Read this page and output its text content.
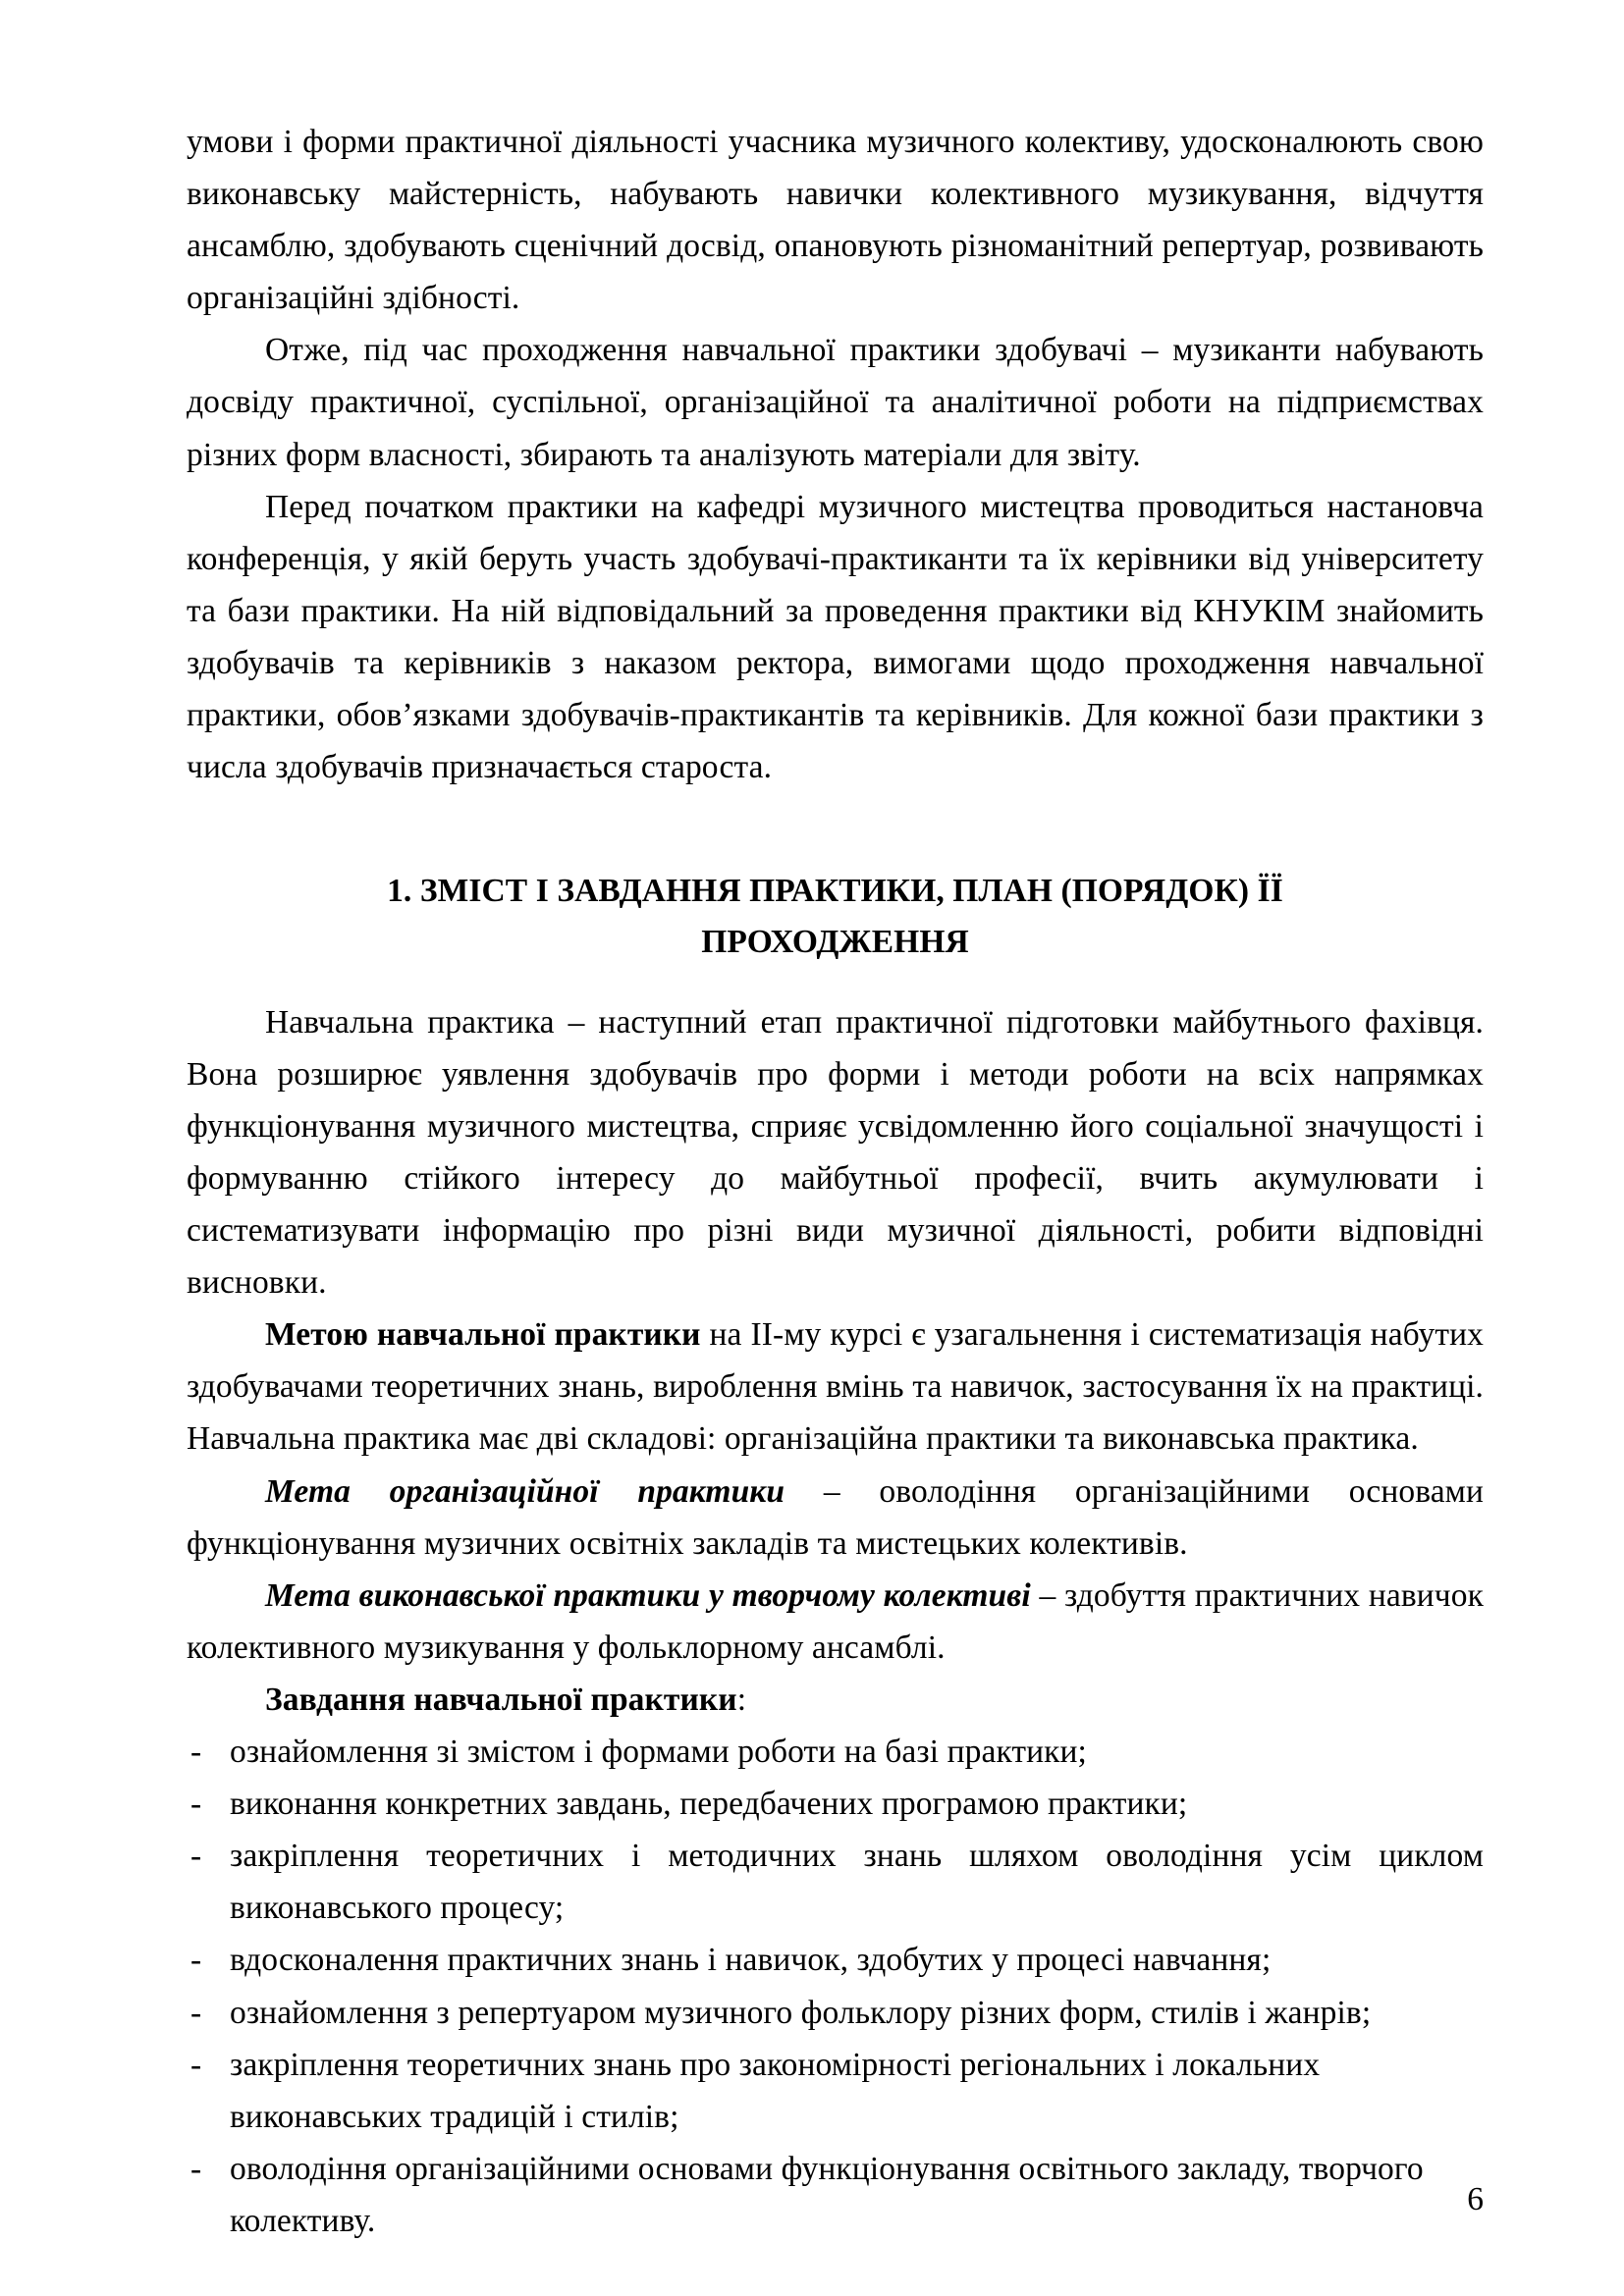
умови і форми практичної діяльності учасника музичного колективу, удосконалюють свою виконавську майстерність, набувають навички колективного музикування, відчуття ансамблю, здобувають сценічний досвід, опановують різноманітний репертуар, розвивають організаційні здібності.

Отже, під час проходження навчальної практики здобувачі – музиканти набувають досвіду практичної, суспільної, організаційної та аналітичної роботи на підприємствах різних форм власності, збирають та аналізують матеріали для звіту.

Перед початком практики на кафедрі музичного мистецтва проводиться настановча конференція, у якій беруть участь здобувачі-практиканти та їх керівники від університету та бази практики. На ній відповідальний за проведення практики від КНУКІМ знайомить здобувачів та керівників з наказом ректора, вимогами щодо проходження навчальної практики, обов’язками здобувачів-практикантів та керівників. Для кожної бази практики з числа здобувачів призначається староста.

1. ЗМІСТ І ЗАВДАННЯ ПРАКТИКИ, ПЛАН (ПОРЯДОК) ЇЇ
ПРОХОДЖЕННЯ

Навчальна практика – наступний етап практичної підготовки майбутнього фахівця. Вона розширює уявлення здобувачів про форми і методи роботи на всіх напрямках функціонування музичного мистецтва, сприяє усвідомленню його соціальної значущості і формуванню стійкого інтересу до майбутньої професії, вчить акумулювати і систематизувати інформацію про різні види музичної діяльності, робити відповідні висновки.

Метою навчальної практики на ІІ-му курсі є узагальнення і систематизація набутих здобувачами теоретичних знань, вироблення вмінь та навичок, застосування їх на практиці. Навчальна практика має дві складові: організаційна практики та виконавська практика.

Мета організаційної практики – оволодіння організаційними основами функціонування музичних освітніх закладів та мистецьких колективів.

Мета виконавської практики у творчому колективі – здобуття практичних навичок колективного музикування у фольклорному ансамблі.

Завдання навчальної практики:

- ознайомлення зі змістом і формами роботи на базі практики;
- виконання конкретних завдань, передбачених програмою практики;
- закріплення теоретичних і методичних знань шляхом оволодіння усім циклом виконавського процесу;
- вдосконалення практичних знань і навичок, здобутих у процесі навчання;
- ознайомлення з репертуаром музичного фольклору різних форм, стилів і жанрів;
- закріплення теоретичних знань про закономірності регіональних і локальних виконавських традицій і стилів;
- оволодіння організаційними основами функціонування освітнього закладу, творчого колективу.
6
